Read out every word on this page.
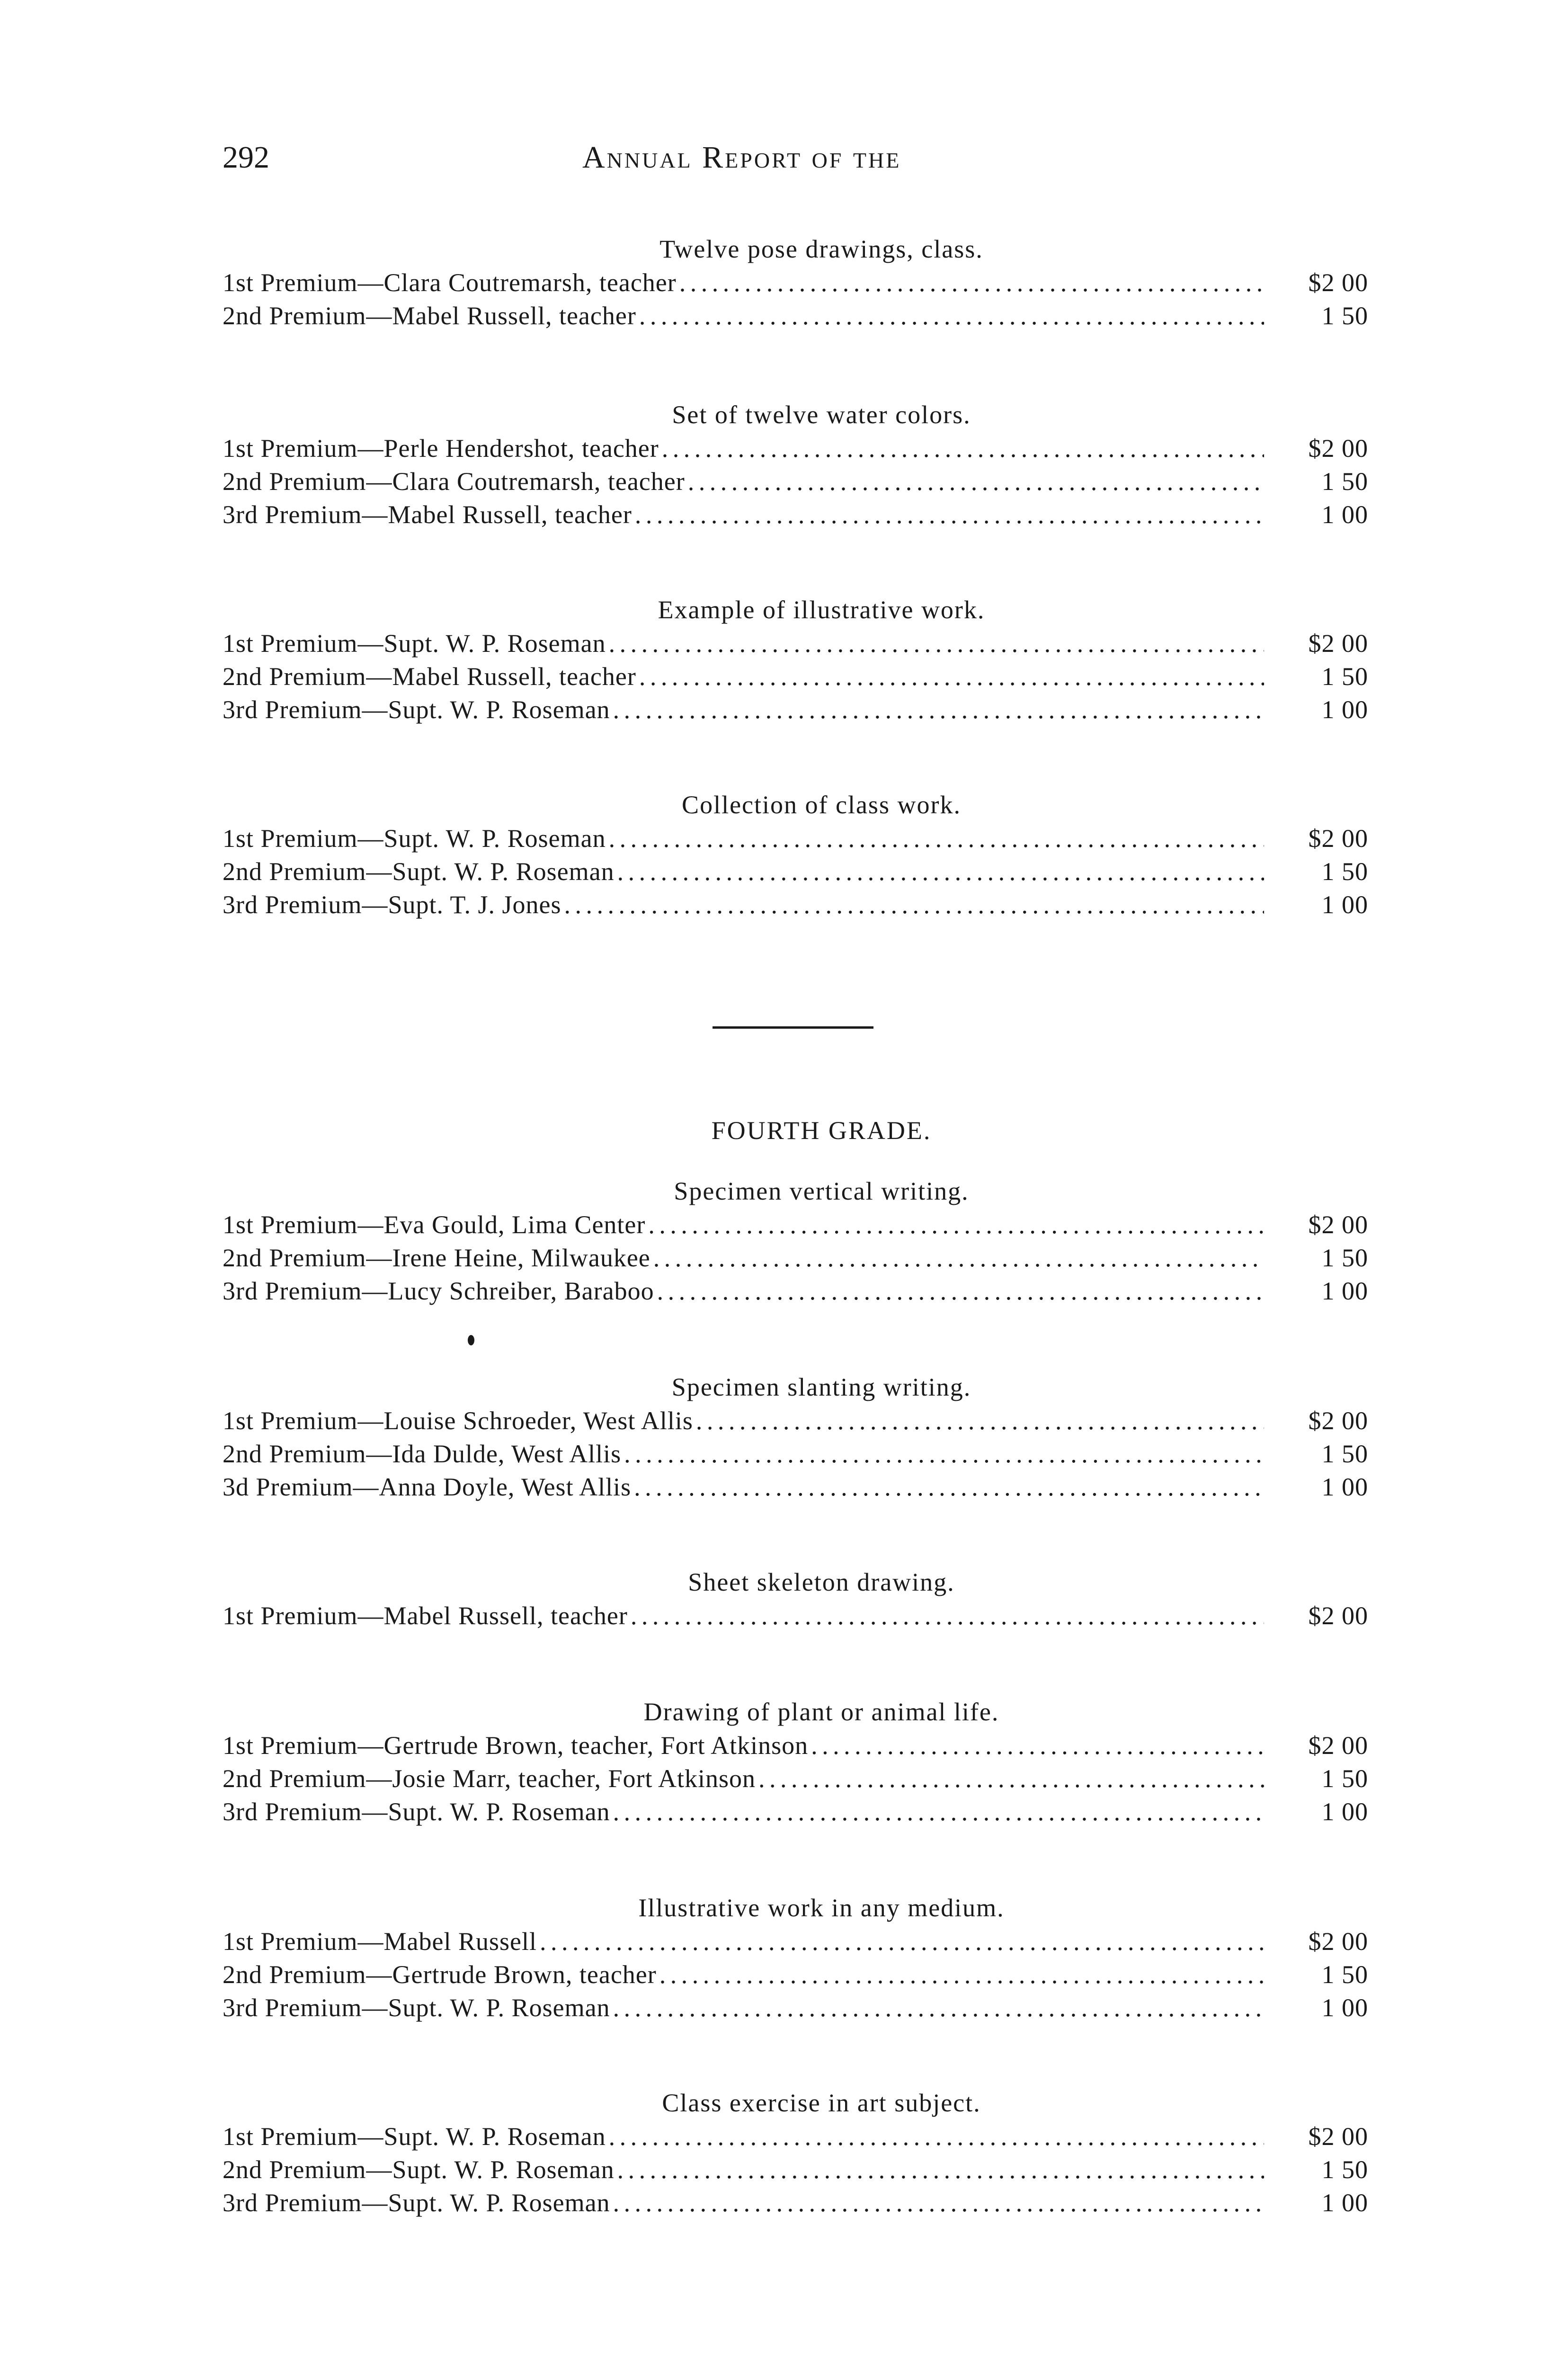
292	Annual Report of the
Twelve pose drawings, class.
1st Premium—Clara Coutremarsh, teacher . . .	$2 00
2nd Premium—Mabel Russell, teacher . . .	1 50
Set of twelve water colors.
1st Premium—Perle Hendershot, teacher . . .	$2 00
2nd Premium—Clara Coutremarsh, teacher . . .	1 50
3rd Premium—Mabel Russell, teacher . . .	1 00
Example of illustrative work.
1st Premium—Supt. W. P. Roseman . . .	$2 00
2nd Premium—Mabel Russell, teacher . . .	1 50
3rd Premium—Supt. W. P. Roseman . . .	1 00
Collection of class work.
1st Premium—Supt. W. P. Roseman . . .	$2 00
2nd Premium—Supt. W. P. Roseman . . .	1 50
3rd Premium—Supt. T. J. Jones . . .	1 00
FOURTH GRADE.
Specimen vertical writing.
1st Premium—Eva Gould, Lima Center . . .	$2 00
2nd Premium—Irene Heine, Milwaukee . . .	1 50
3rd Premium—Lucy Schreiber, Baraboo . . .	1 00
Specimen slanting writing.
1st Premium—Louise Schroeder, West Allis . . .	$2 00
2nd Premium—Ida Dulde, West Allis . . .	1 50
3d Premium—Anna Doyle, West Allis . . .	1 00
Sheet skeleton drawing.
1st Premium—Mabel Russell, teacher . . .	$2 00
Drawing of plant or animal life.
1st Premium—Gertrude Brown, teacher, Fort Atkinson . . .	$2 00
2nd Premium—Josie Marr, teacher, Fort Atkinson . . .	1 50
3rd Premium—Supt. W. P. Roseman . . .	1 00
Illustrative work in any medium.
1st Premium—Mabel Russell . . .	$2 00
2nd Premium—Gertrude Brown, teacher . . .	1 50
3rd Premium—Supt. W. P. Roseman . . .	1 00
Class exercise in art subject.
1st Premium—Supt. W. P. Roseman . . .	$2 00
2nd Premium—Supt. W. P. Roseman . . .	1 50
3rd Premium—Supt. W. P. Roseman . . .	1 00
